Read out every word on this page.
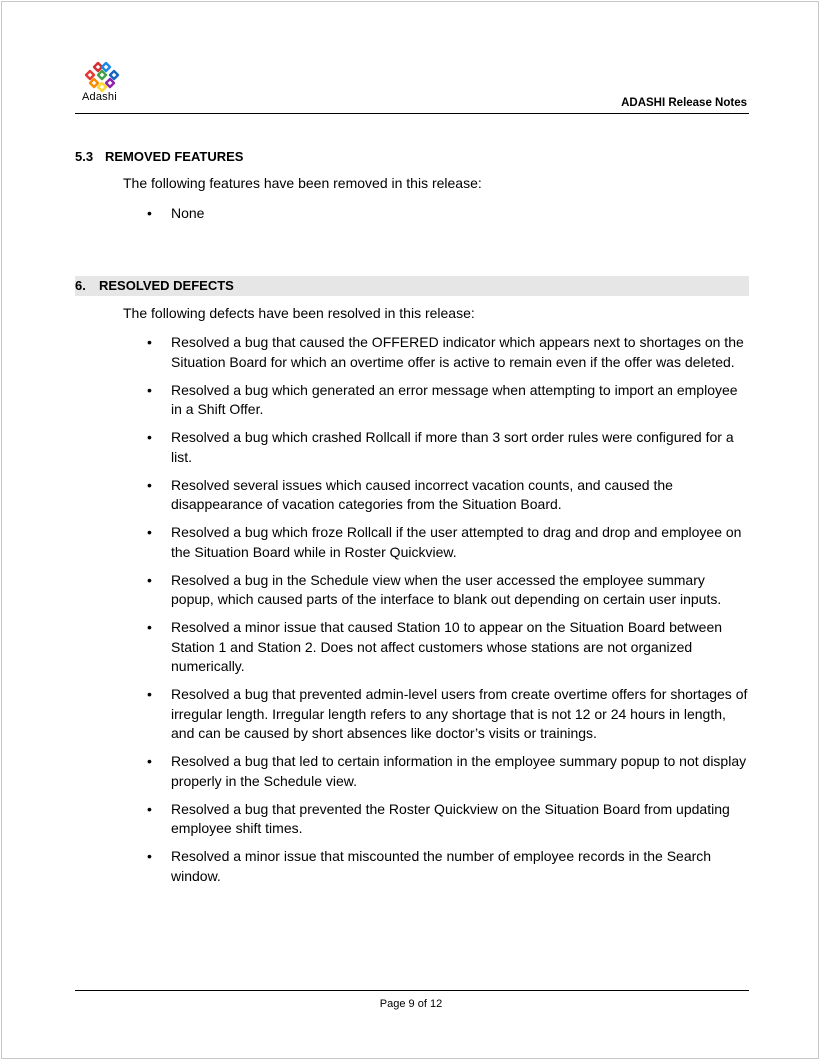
Adashi	ADASHI Release Notes
5.3 REMOVED FEATURES
The following features have been removed in this release:
• None
6. RESOLVED DEFECTS
The following defects have been resolved in this release:
• Resolved a bug that caused the OFFERED indicator which appears next to shortages on the Situation Board for which an overtime offer is active to remain even if the offer was deleted.
• Resolved a bug which generated an error message when attempting to import an employee in a Shift Offer.
• Resolved a bug which crashed Rollcall if more than 3 sort order rules were configured for a list.
• Resolved several issues which caused incorrect vacation counts, and caused the disappearance of vacation categories from the Situation Board.
• Resolved a bug which froze Rollcall if the user attempted to drag and drop and employee on the Situation Board while in Roster Quickview.
• Resolved a bug in the Schedule view when the user accessed the employee summary popup, which caused parts of the interface to blank out depending on certain user inputs.
• Resolved a minor issue that caused Station 10 to appear on the Situation Board between Station 1 and Station 2. Does not affect customers whose stations are not organized numerically.
• Resolved a bug that prevented admin-level users from create overtime offers for shortages of irregular length. Irregular length refers to any shortage that is not 12 or 24 hours in length, and can be caused by short absences like doctor’s visits or trainings.
• Resolved a bug that led to certain information in the employee summary popup to not display properly in the Schedule view.
• Resolved a bug that prevented the Roster Quickview on the Situation Board from updating employee shift times.
• Resolved a minor issue that miscounted the number of employee records in the Search window.
Page 9 of 12
